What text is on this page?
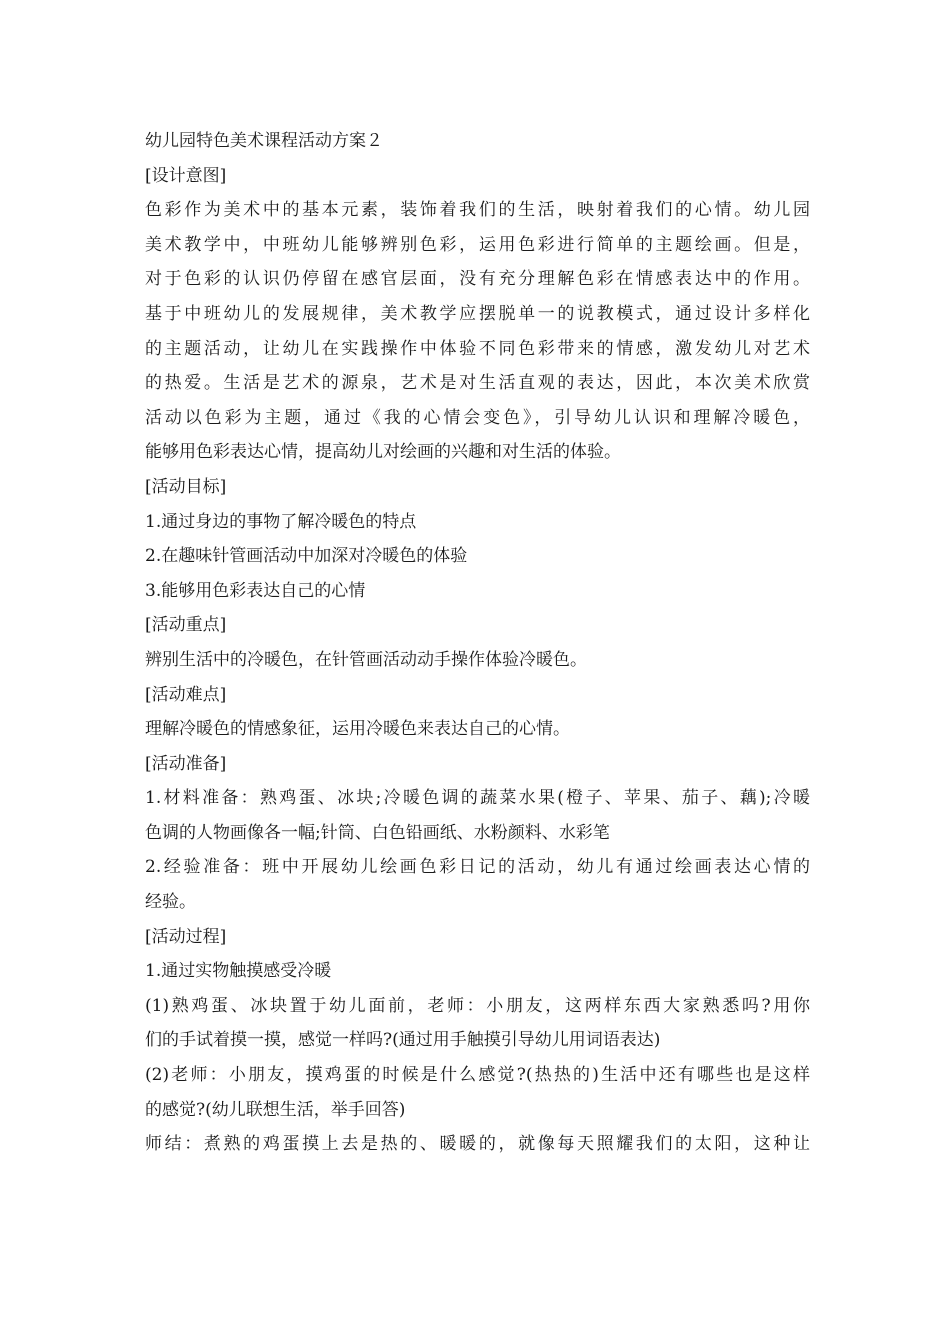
幼儿园特色美术课程活动方案２
[设计意图]
色彩作为美术中的基本元素，装饰着我们的生活，映射着我们的心情。幼儿园
美术教学中，中班幼儿能够辨别色彩，运用色彩进行简单的主题绘画。但是，
对于色彩的认识仍停留在感官层面，没有充分理解色彩在情感表达中的作用。
基于中班幼儿的发展规律，美术教学应摆脱单一的说教模式，通过设计多样化
的主题活动，让幼儿在实践操作中体验不同色彩带来的情感，激发幼儿对艺术
的热爱。生活是艺术的源泉，艺术是对生活直观的表达，因此，本次美术欣赏
活动以色彩为主题，通过《我的心情会变色》，引导幼儿认识和理解冷暖色，
能够用色彩表达心情，提高幼儿对绘画的兴趣和对生活的体验。
[活动目标]
1.通过身边的事物了解冷暖色的特点
2.在趣味针管画活动中加深对冷暖色的体验
3.能够用色彩表达自己的心情
[活动重点]
辨别生活中的冷暖色，在针管画活动动手操作体验冷暖色。
[活动难点]
理解冷暖色的情感象征，运用冷暖色来表达自己的心情。
[活动准备]
1.材料准备：熟鸡蛋、冰块;冷暖色调的蔬菜水果(橙子、苹果、茄子、藕);冷暖
色调的人物画像各一幅;针筒、白色铅画纸、水粉颜料、水彩笔
2.经验准备：班中开展幼儿绘画色彩日记的活动，幼儿有通过绘画表达心情的
经验。
[活动过程]
1.通过实物触摸感受冷暖
(1)熟鸡蛋、冰块置于幼儿面前，老师：小朋友，这两样东西大家熟悉吗?用你
们的手试着摸一摸，感觉一样吗?(通过用手触摸引导幼儿用词语表达)
(2)老师：小朋友，摸鸡蛋的时候是什么感觉?(热热的)生活中还有哪些也是这样
的感觉?(幼儿联想生活，举手回答)
师结：煮熟的鸡蛋摸上去是热的、暖暖的，就像每天照耀我们的太阳，这种让
